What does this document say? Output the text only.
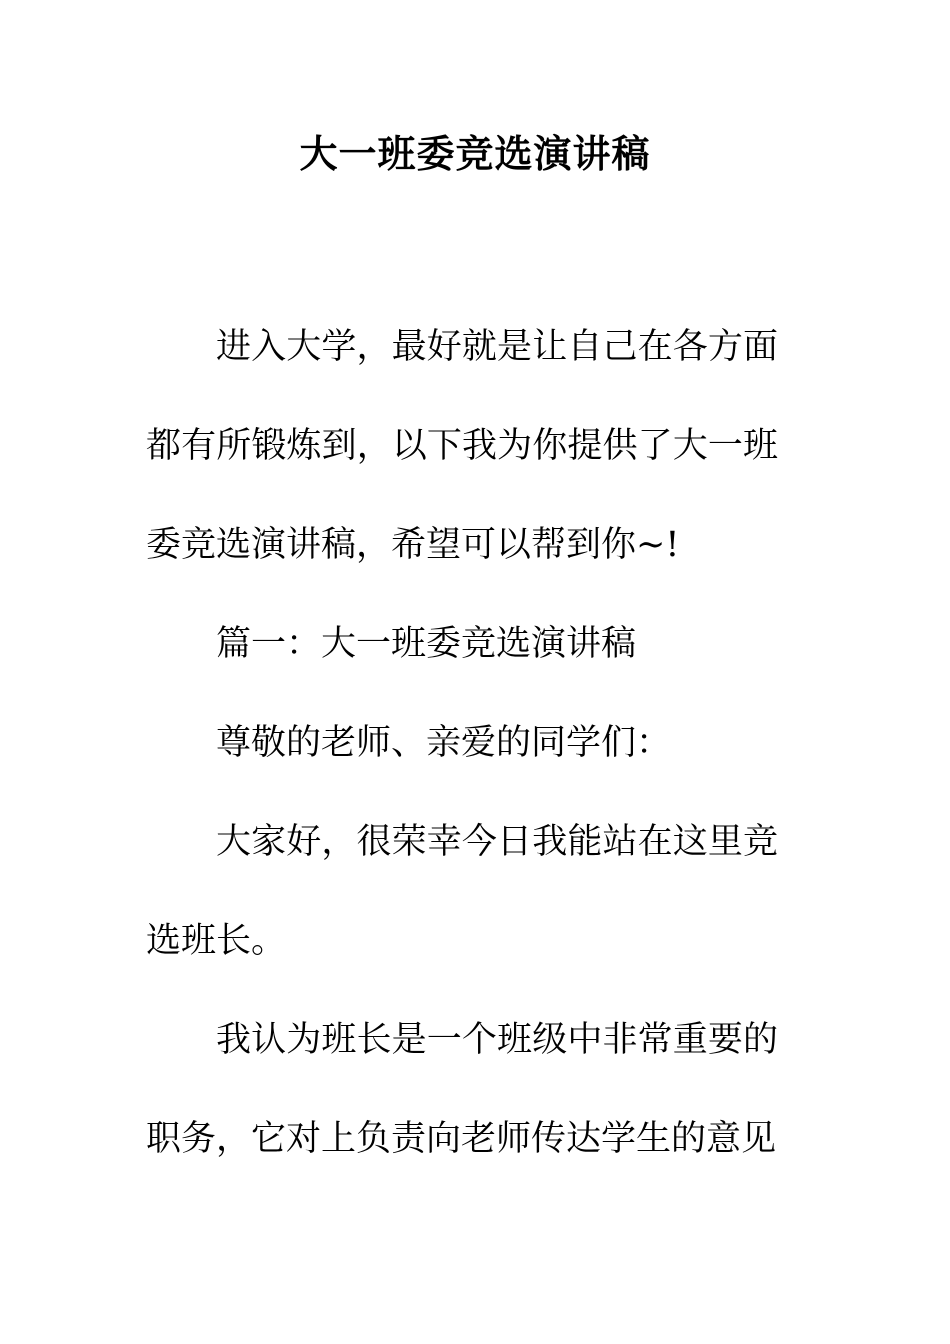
大一班委竞选演讲稿

进入大学，最好就是让自己在各方面都有所锻炼到，以下我为你提供了大一班委竞选演讲稿，希望可以帮到你~!

篇一：大一班委竞选演讲稿

尊敬的老师、亲爱的同学们：

大家好，很荣幸今日我能站在这里竞选班长。

我认为班长是一个班级中非常重要的职务，它对上负责向老师传达学生的意见
